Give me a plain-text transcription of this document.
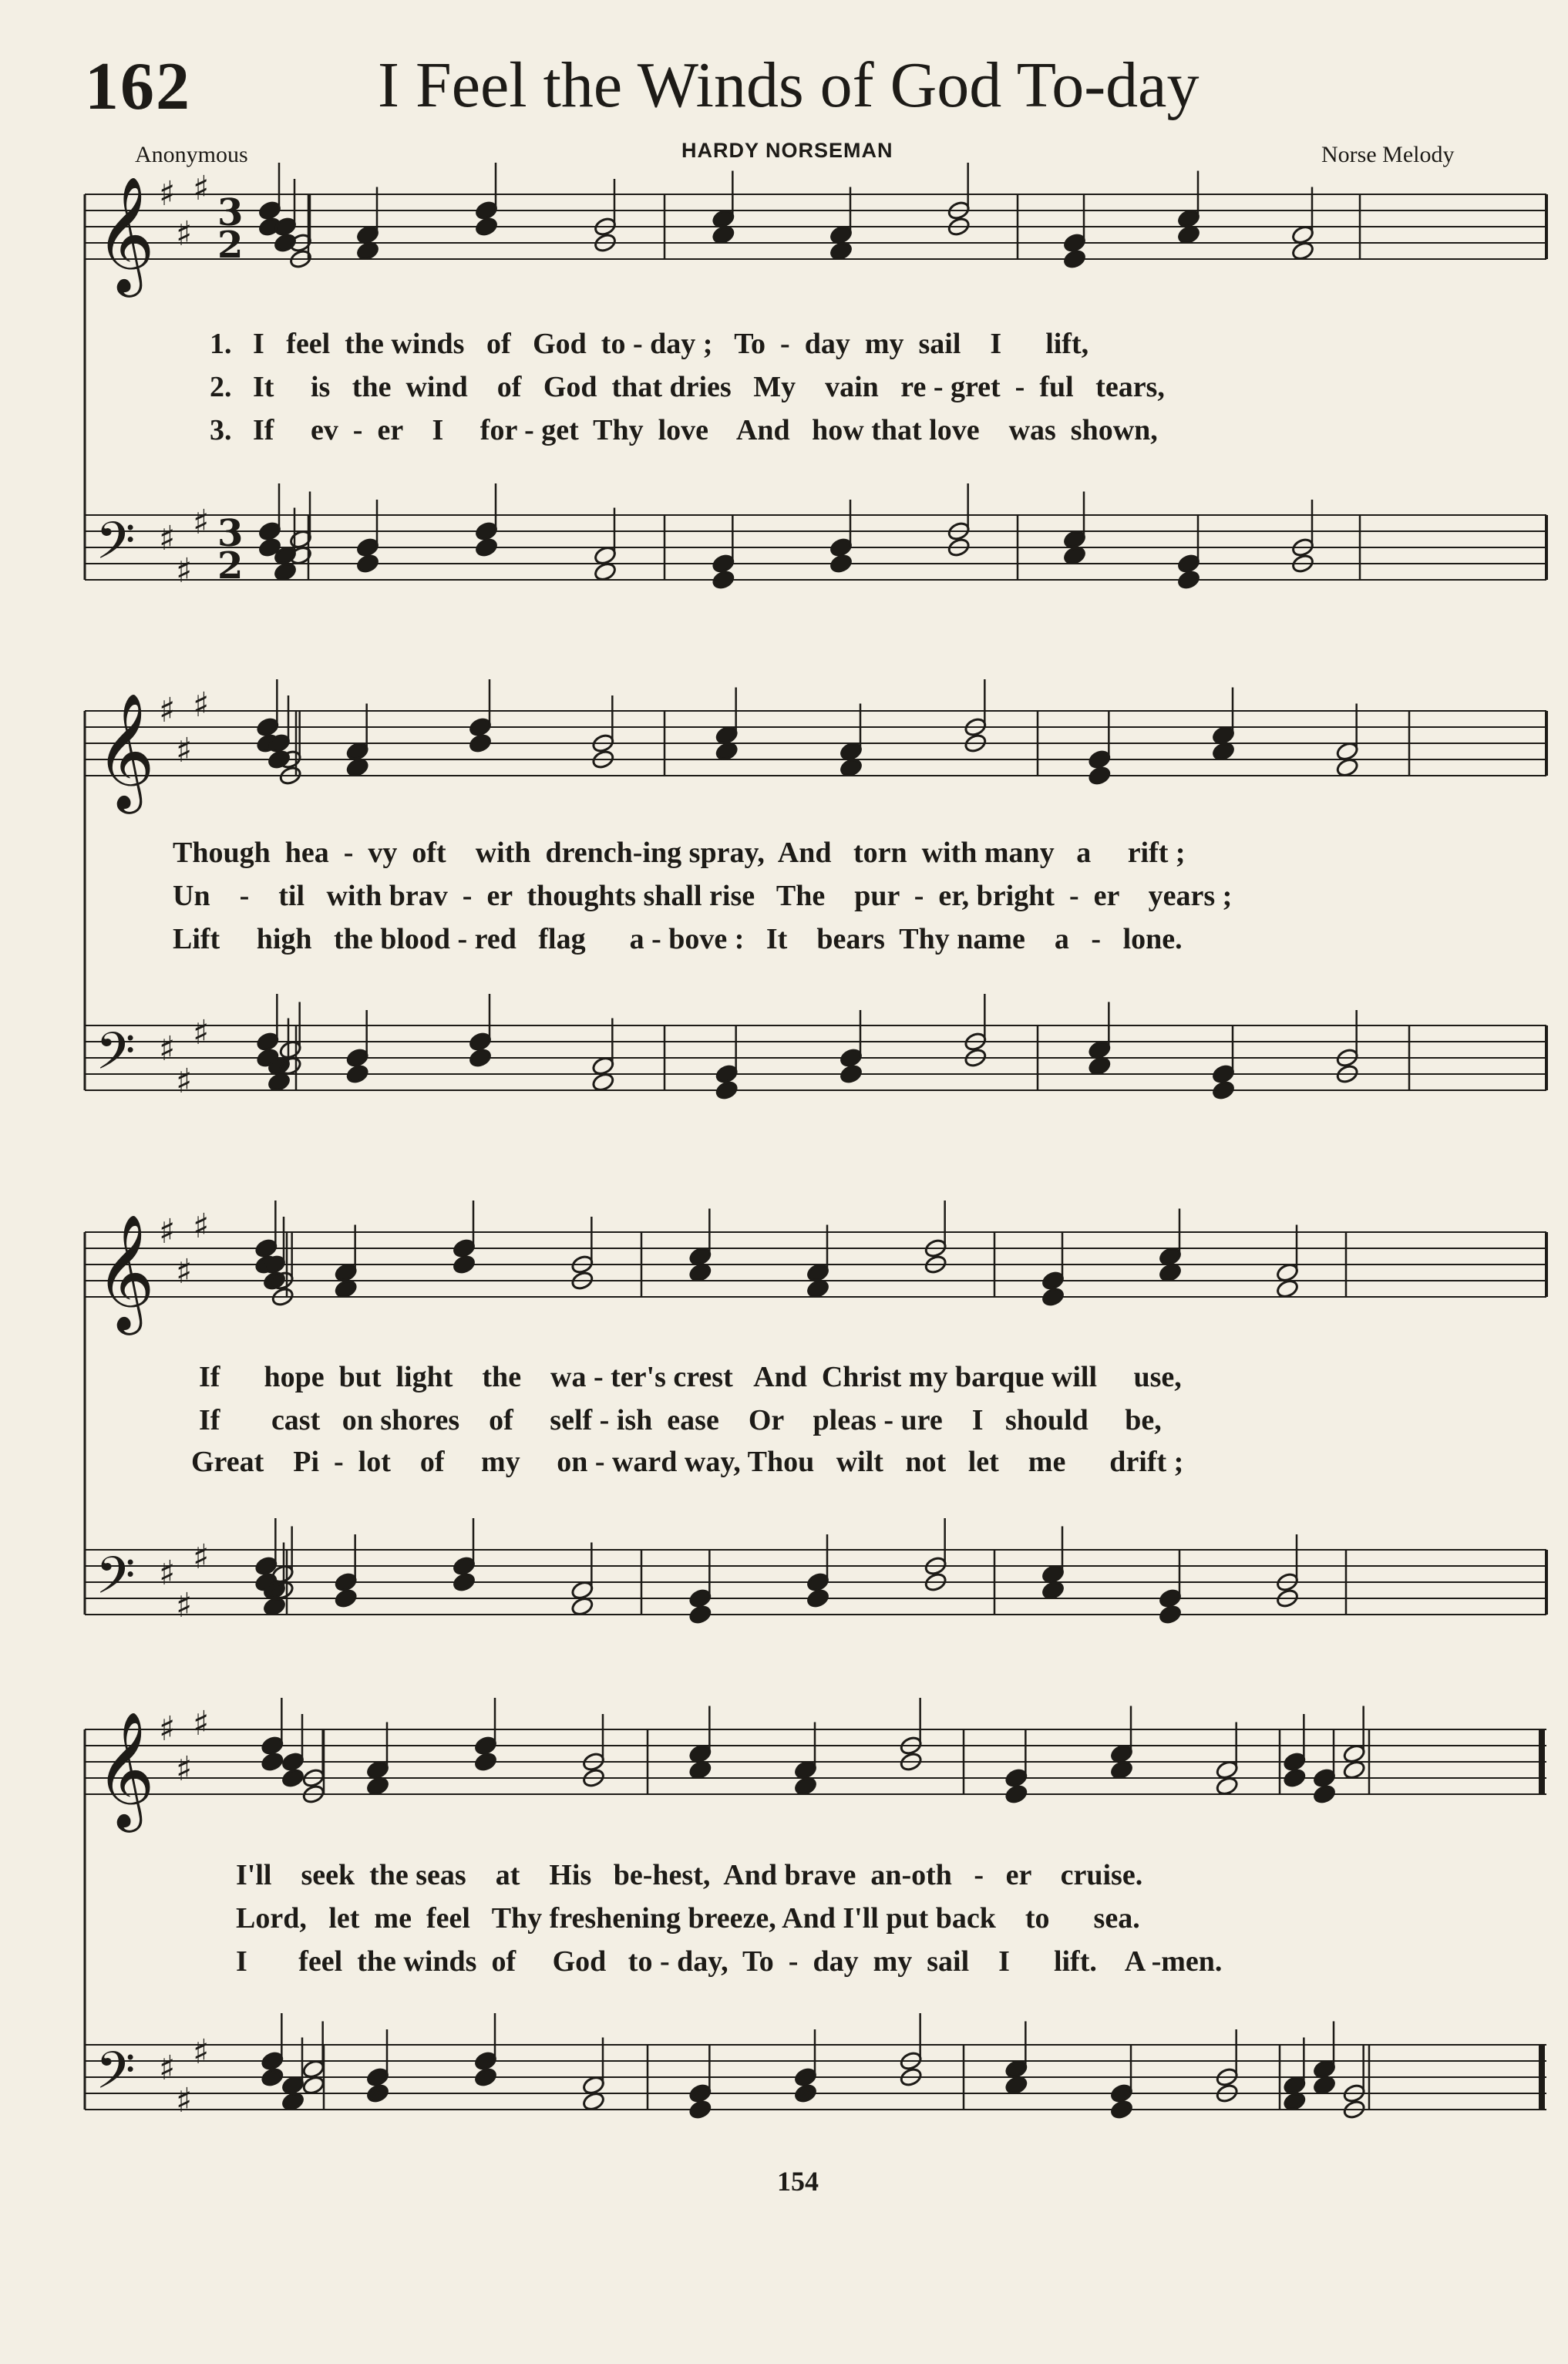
162	I Feel the Winds of God To-day
Anonymous	HARDY NORSEMAN	Norse Melody
𝄞 ♯
♯
♯
3
2
𝄢 ♯
♯
♯ 3
2
𝄞 ♯
♯
♯
𝄢 ♯
♯
♯
𝄞 ♯
♯
♯
𝄢 ♯
♯
♯
𝄞 ♯
♯
♯
𝄢 ♯
♯
♯
1.
2.
3.
I   feel  the winds   of   God  to - day ;   To  -  day  my  sail    I      lift,
It     is   the  wind    of   God  that dries   My    vain   re - gret  -  ful   tears,
If     ev  -  er    I     for - get  Thy  love    And   how that love    was  shown,
Though  hea  -  vy  oft    with  drench-ing spray,  And   torn  with many   a     rift ;
Un    -    til   with brav  -  er  thoughts shall rise   The    pur  -  er, bright  -  er    years ;
Lift     high   the blood - red   flag      a - bove :   It    bears  Thy name    a   -   lone.
If      hope  but  light    the    wa - ter's crest   And  Christ my barque will     use,
If       cast   on shores    of     self - ish  ease    Or    pleas - ure    I   should     be,
Great    Pi  -  lot    of     my     on - ward way, Thou   wilt   not   let    me      drift ;
I'll    seek  the seas    at    His   be-hest,  And brave  an-oth   -   er    cruise.
Lord,   let  me  feel   Thy freshening breeze, And I'll put back    to      sea.
I       feel  the winds  of     God   to - day,  To  -  day  my  sail    I      lift.    A -men.
154
